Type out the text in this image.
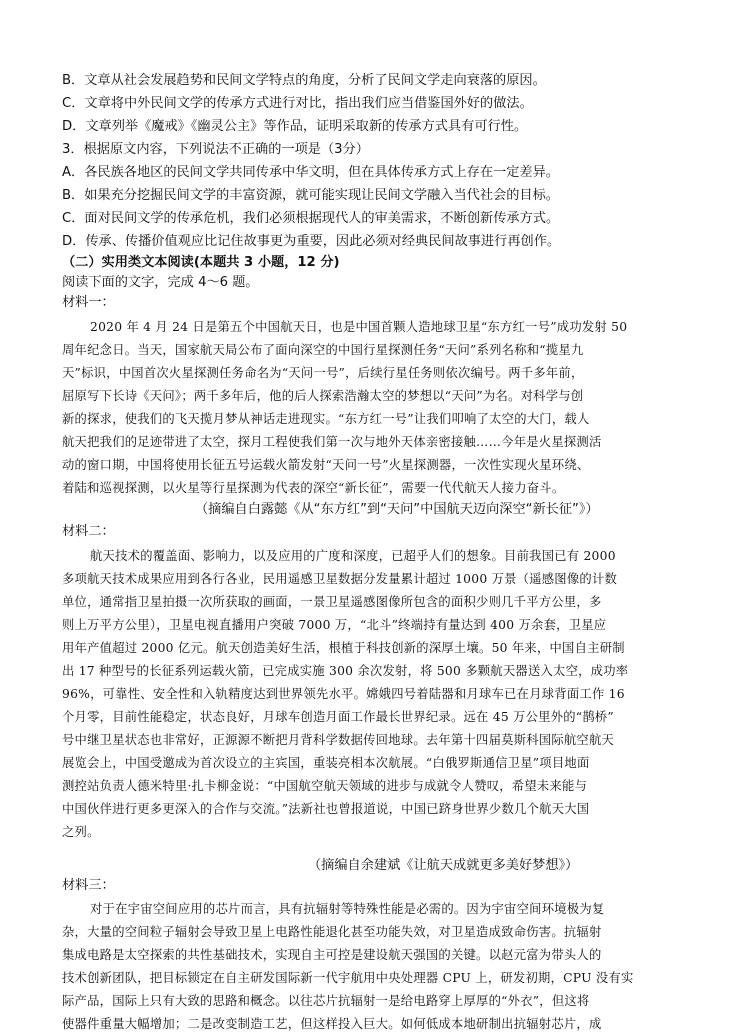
B．文章从社会发展趋势和民间文学特点的角度，分析了民间文学走向衰落的原因。
C．文章将中外民间文学的传承方式进行对比，指出我们应当借鉴国外好的做法。
D．文章列举《魔戒》《幽灵公主》等作品，证明采取新的传承方式具有可行性。
3．根据原文内容，下列说法不正确的一项是（3分）
A．各民族各地区的民间文学共同传承中华文明，但在具体传承方式上存在一定差异。
B．如果充分挖掘民间文学的丰富资源，就可能实现让民间文学融入当代社会的目标。
C．面对民间文学的传承危机，我们必须根据现代人的审美需求，不断创新传承方式。
D．传承、传播价值观应比记住故事更为重要，因此必须对经典民间故事进行再创作。
（二）实用类文本阅读(本题共 3 小题，12 分)
阅读下面的文字，完成 4～6 题。
材料一：
2020 年 4 月 24 日是第五个中国航天日，也是中国首颗人造地球卫星“东方红一号”成功发射 50
周年纪念日。当天，国家航天局公布了面向深空的中国行星探测任务“天问”系列名称和“揽星九
天”标识，中国首次火星探测任务命名为“天问一号”，后续行星任务则依次编号。两千多年前，
屈原写下长诗《天问》；两千多年后，他的后人探索浩瀚太空的梦想以“天问”为名。对科学与创
新的探求，使我们的飞天揽月梦从神话走进现实。“东方红一号”让我们叩响了太空的大门，载人
航天把我们的足迹带进了太空，探月工程使我们第一次与地外天体亲密接触……今年是火星探测活
动的窗口期，中国将使用长征五号运载火箭发射“天问一号”火星探测器，一次性实现火星环绕、
着陆和巡视探测，以火星等行星探测为代表的深空“新长征”，需要一代代航天人接力奋斗。
（摘编自白露懿《从“东方红”到“天问”中国航天迈向深空“新长征”》）
材料二：
航天技术的覆盖面、影响力，以及应用的广度和深度，已超乎人们的想象。目前我国已有 2000
多项航天技术成果应用到各行各业，民用遥感卫星数据分发量累计超过 1000 万景（遥感图像的计数
单位，通常指卫星拍摄一次所获取的画面，一景卫星遥感图像所包含的面积少则几千平方公里，多
则上万平方公里），卫星电视直播用户突破 7000 万，“北斗”终端持有量达到 400 万余套，卫星应
用年产值超过 2000 亿元。航天创造美好生活，根植于科技创新的深厚土壤。50 年来，中国自主研制
出 17 种型号的长征系列运载火箭，已完成实施 300 余次发射，将 500 多颗航天器送入太空，成功率
96%，可靠性、安全性和入轨精度达到世界领先水平。嫦娥四号着陆器和月球车已在月球背面工作 16
个月零，目前性能稳定，状态良好，月球车创造月面工作最长世界纪录。远在 45 万公里外的“鹊桥”
号中继卫星状态也非常好，正源源不断把月背科学数据传回地球。去年第十四届莫斯科国际航空航天
展览会上，中国受邀成为首次设立的主宾国，重装亮相本次航展。“白俄罗斯通信卫星”项目地面
测控站负责人德米特里·扎卡柳金说：“中国航空航天领域的进步与成就令人赞叹，希望未来能与
中国伙伴进行更多更深入的合作与交流。”法新社也曾报道说，中国已跻身世界少数几个航天大国
之列。
（摘编自余建斌《让航天成就更多美好梦想》）
材料三：
对于在宇宙空间应用的芯片而言，具有抗辐射等特殊性能是必需的。因为宇宙空间环境极为复
杂，大量的空间粒子辐射会导致卫星上电路性能退化甚至功能失效，对卫星造成致命伤害。抗辐射
集成电路是太空探索的共性基础技术，实现自主可控是建设航天强国的关键。以赵元富为带头人的
技术创新团队，把目标锁定在自主研发国际新一代宇航用中央处理器 CPU 上，研发初期，CPU 没有实
际产品，国际上只有大致的思路和概念。以往芯片抗辐射一是给电路穿上厚厚的“外衣”，但这将
使器件重量大幅增加；二是改变制造工艺，但这样投入巨大。如何低成本地研制出抗辐射芯片，成
